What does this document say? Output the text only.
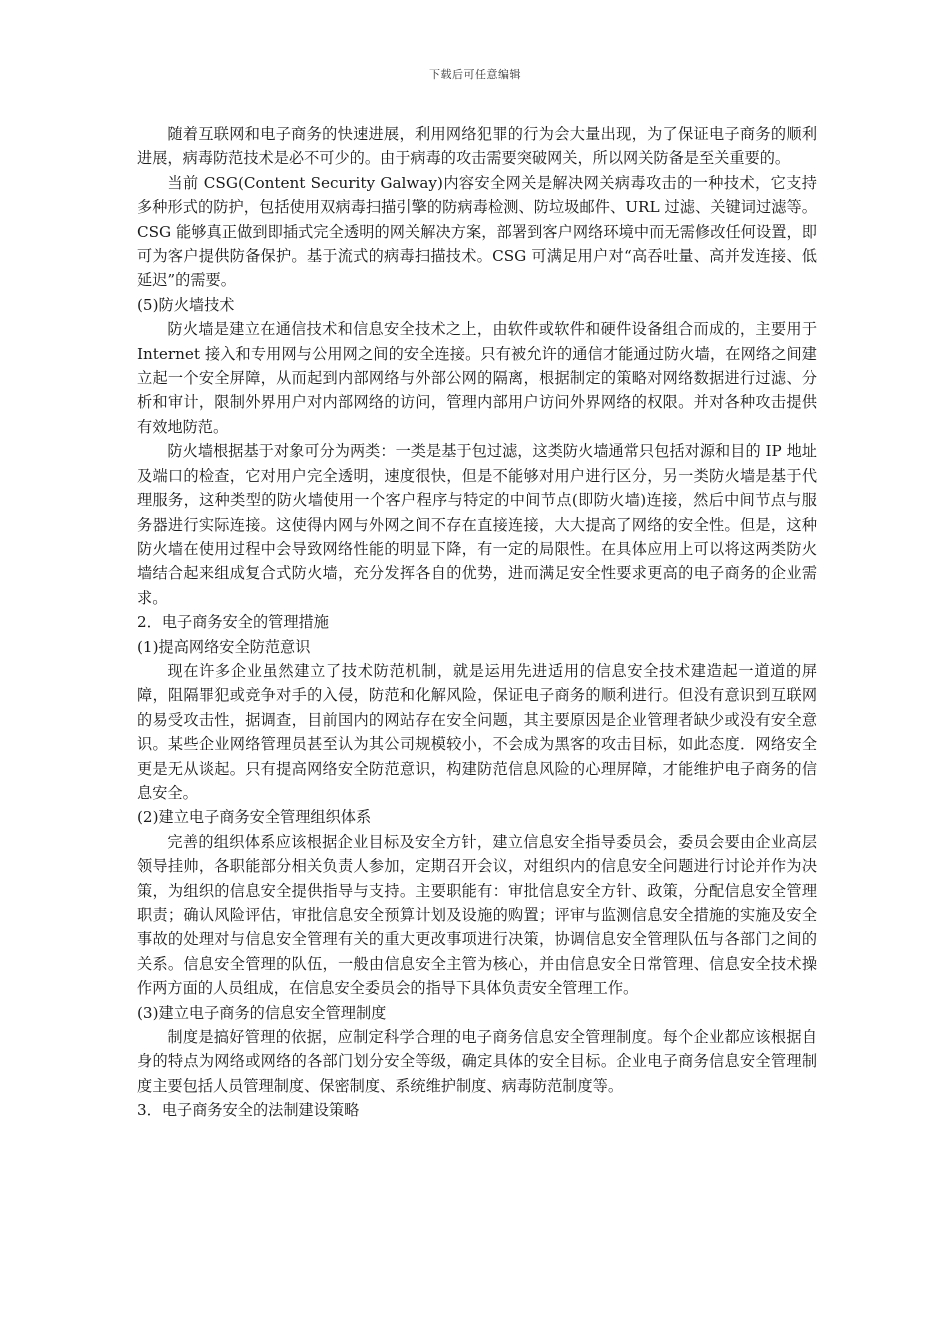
下载后可任意编辑

随着互联网和电子商务的快速进展，利用网络犯罪的行为会大量出现，为了保证电子商务的顺利进展，病毒防范技术是必不可少的。由于病毒的攻击需要突破网关，所以网关防备是至关重要的。

当前 CSG(Content Security Galway)内容安全网关是解决网关病毒攻击的一种技术，它支持多种形式的防护，包括使用双病毒扫描引擎的防病毒检测、防垃圾邮件、URL 过滤、关键词过滤等。CSG 能够真正做到即插式完全透明的网关解决方案，部署到客户网络环境中而无需修改任何设置，即可为客户提供防备保护。基于流式的病毒扫描技术。CSG 可满足用户对“高吞吐量、高并发连接、低延迟”的需要。

(5)防火墙技术

防火墙是建立在通信技术和信息安全技术之上，由软件或软件和硬件设备组合而成的，主要用于 Internet 接入和专用网与公用网之间的安全连接。只有被允许的通信才能通过防火墙，在网络之间建立起一个安全屏障，从而起到内部网络与外部公网的隔离，根据制定的策略对网络数据进行过滤、分析和审计，限制外界用户对内部网络的访问，管理内部用户访问外界网络的权限。并对各种攻击提供有效地防范。

防火墙根据基于对象可分为两类：一类是基于包过滤，这类防火墙通常只包括对源和目的 IP 地址及端口的检查，它对用户完全透明，速度很快，但是不能够对用户进行区分，另一类防火墙是基于代理服务，这种类型的防火墙使用一个客户程序与特定的中间节点(即防火墙)连接，然后中间节点与服务器进行实际连接。这使得内网与外网之间不存在直接连接，大大提高了网络的安全性。但是，这种防火墙在使用过程中会导致网络性能的明显下降，有一定的局限性。在具体应用上可以将这两类防火墙结合起来组成复合式防火墙，充分发挥各自的优势，进而满足安全性要求更高的电子商务的企业需求。

2．电子商务安全的管理措施

(1)提高网络安全防范意识

现在许多企业虽然建立了技术防范机制，就是运用先进适用的信息安全技术建造起一道道的屏障，阻隔罪犯或竞争对手的入侵，防范和化解风险，保证电子商务的顺利进行。但没有意识到互联网的易受攻击性，据调查，目前国内的网站存在安全问题，其主要原因是企业管理者缺少或没有安全意识。某些企业网络管理员甚至认为其公司规模较小，不会成为黑客的攻击目标，如此态度．网络安全更是无从谈起。只有提高网络安全防范意识，构建防范信息风险的心理屏障，才能维护电子商务的信息安全。

(2)建立电子商务安全管理组织体系

完善的组织体系应该根据企业目标及安全方针，建立信息安全指导委员会，委员会要由企业高层领导挂帅，各职能部分相关负责人参加，定期召开会议，对组织内的信息安全问题进行讨论并作为决策，为组织的信息安全提供指导与支持。主要职能有：审批信息安全方针、政策，分配信息安全管理职责；确认风险评估，审批信息安全预算计划及设施的购置；评审与监测信息安全措施的实施及安全事故的处理对与信息安全管理有关的重大更改事项进行决策，协调信息安全管理队伍与各部门之间的关系。信息安全管理的队伍，一般由信息安全主管为核心，并由信息安全日常管理、信息安全技术操作两方面的人员组成，在信息安全委员会的指导下具体负责安全管理工作。

(3)建立电子商务的信息安全管理制度

制度是搞好管理的依据，应制定科学合理的电子商务信息安全管理制度。每个企业都应该根据自身的特点为网络或网络的各部门划分安全等级，确定具体的安全目标。企业电子商务信息安全管理制度主要包括人员管理制度、保密制度、系统维护制度、病毒防范制度等。

3．电子商务安全的法制建设策略
